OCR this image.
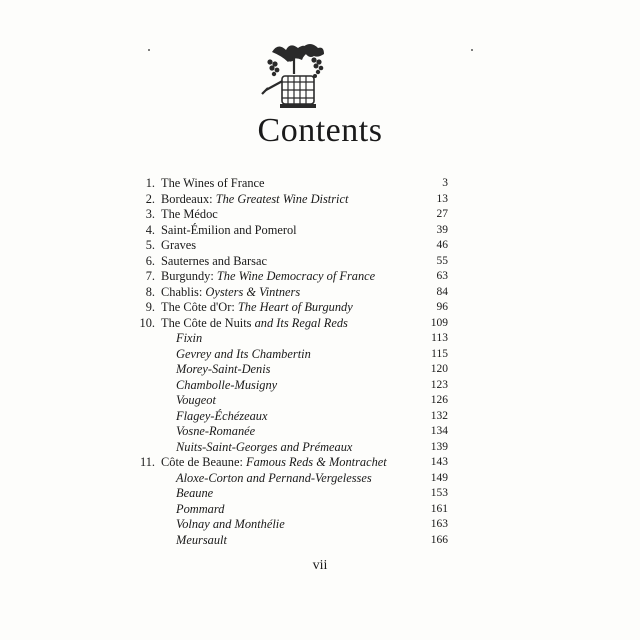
Contents
1. The Wines of France	3
2. Bordeaux: The Greatest Wine District	13
3. The Médoc	27
4. Saint-Émilion and Pomerol	39
5. Graves	46
6. Sauternes and Barsac	55
7. Burgundy: The Wine Democracy of France	63
8. Chablis: Oysters & Vintners	84
9. The Côte d'Or: The Heart of Burgundy	96
10. The Côte de Nuits and Its Regal Reds	109
Fixin	113
Gevrey and Its Chambertin	115
Morey-Saint-Denis	120
Chambolle-Musigny	123
Vougeot	126
Flagey-Échézeaux	132
Vosne-Romanée	134
Nuits-Saint-Georges and Prémeaux	139
11. Côte de Beaune: Famous Reds & Montrachet	143
Aloxe-Corton and Pernand-Vergelesses	149
Beaune	153
Pommard	161
Volnay and Monthélie	163
Meursault	166
vii
